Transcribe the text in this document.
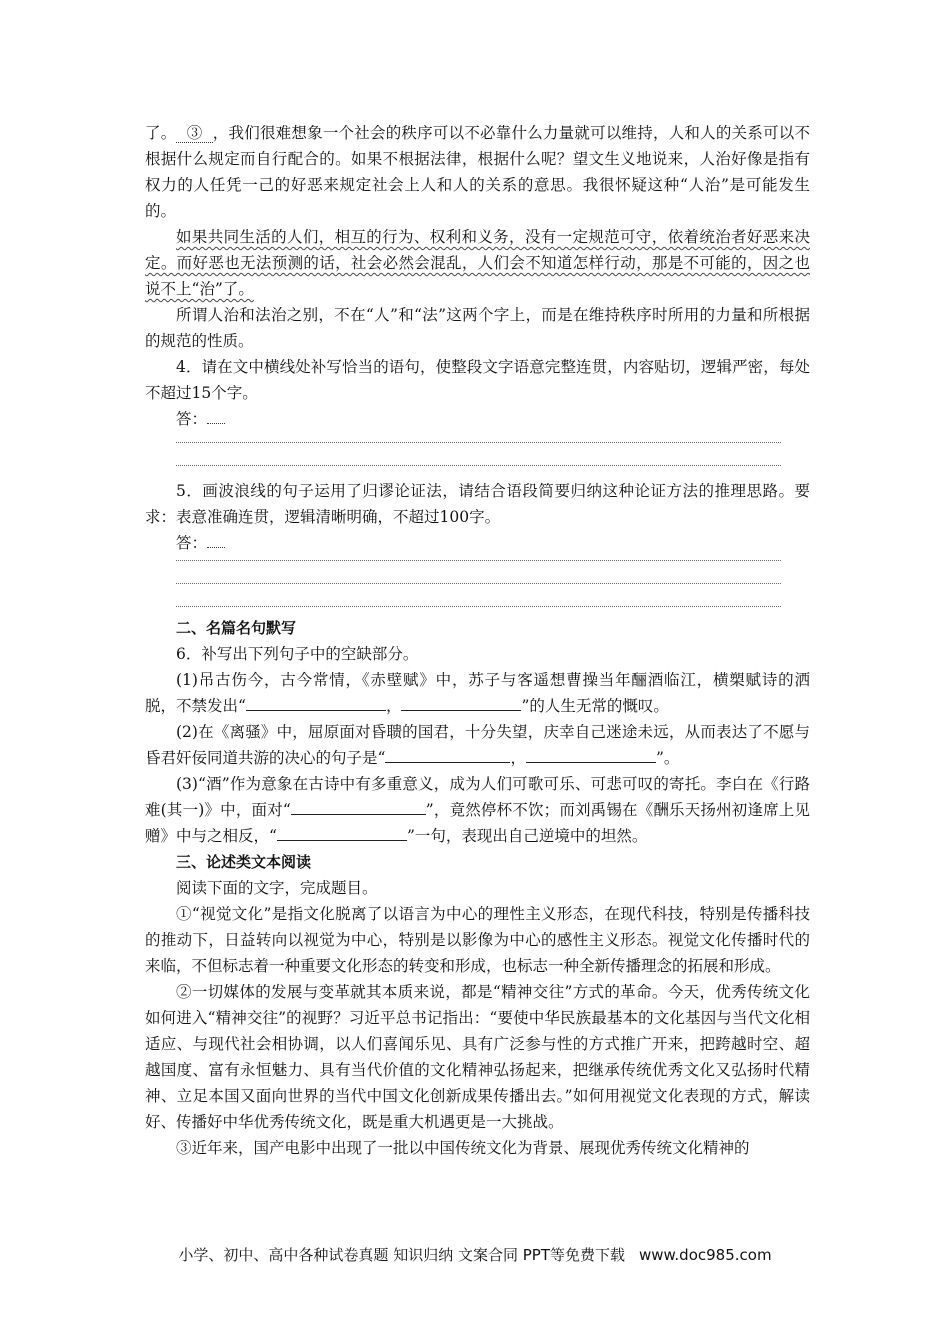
了。 ③ ，我们很难想象一个社会的秩序可以不必靠什么力量就可以维持，人和人的关系可以不根据什么规定而自行配合的。如果不根据法律，根据什么呢？望文生义地说来，人治好像是指有权力的人任凭一己的好恶来规定社会上人和人的关系的意思。我很怀疑这种“人治”是可能发生的。

如果共同生活的人们，相互的行为、权利和义务，没有一定规范可守，依着统治者好恶来决定。而好恶也无法预测的话，社会必然会混乱，人们会不知道怎样行动，那是不可能的，因之也说不上“治”了。

所谓人治和法治之别，不在“人”和“法”这两个字上，而是在维持秩序时所用的力量和所根据的规范的性质。

4．请在文中横线处补写恰当的语句，使整段文字语意完整连贯，内容贴切，逻辑严密，每处不超过15个字。

答：

5．画波浪线的句子运用了归谬论证法，请结合语段简要归纳这种论证方法的推理思路。要求：表意准确连贯，逻辑清晰明确，不超过100字。

答：

二、名篇名句默写

6．补写出下列句子中的空缺部分。

(1)吊古伤今，古今常情，《赤壁赋》中，苏子与客遥想曹操当年酾酒临江，横槊赋诗的洒脱，不禁发出“	，	”的人生无常的慨叹。

(2)在《离骚》中，屈原面对昏聩的国君，十分失望，庆幸自己迷途未远，从而表达了不愿与昏君奸佞同道共游的决心的句子是“	，	”。

(3)“酒”作为意象在古诗中有多重意义，成为人们可歌可乐、可悲可叹的寄托。李白在《行路难(其一)》中，面对“	”，竟然停杯不饮；而刘禹锡在《酬乐天扬州初逢席上见赠》中与之相反，“	”一句，表现出自己逆境中的坦然。

三、论述类文本阅读

阅读下面的文字，完成题目。

①“视觉文化”是指文化脱离了以语言为中心的理性主义形态，在现代科技，特别是传播科技的推动下，日益转向以视觉为中心，特别是以影像为中心的感性主义形态。视觉文化传播时代的来临，不但标志着一种重要文化形态的转变和形成，也标志一种全新传播理念的拓展和形成。

②一切媒体的发展与变革就其本质来说，都是“精神交往”方式的革命。今天，优秀传统文化如何进入“精神交往”的视野？习近平总书记指出：“要使中华民族最基本的文化基因与当代文化相适应、与现代社会相协调，以人们喜闻乐见、具有广泛参与性的方式推广开来，把跨越时空、超越国度、富有永恒魅力、具有当代价值的文化精神弘扬起来，把继承传统优秀文化又弘扬时代精神、立足本国又面向世界的当代中国文化创新成果传播出去。”如何用视觉文化表现的方式，解读好、传播好中华优秀传统文化，既是重大机遇更是一大挑战。

③近年来，国产电影中出现了一批以中国传统文化为背景、展现优秀传统文化精神的

小学、初中、高中各种试卷真题 知识归纳 文案合同 PPT等免费下载 www.doc985.com
